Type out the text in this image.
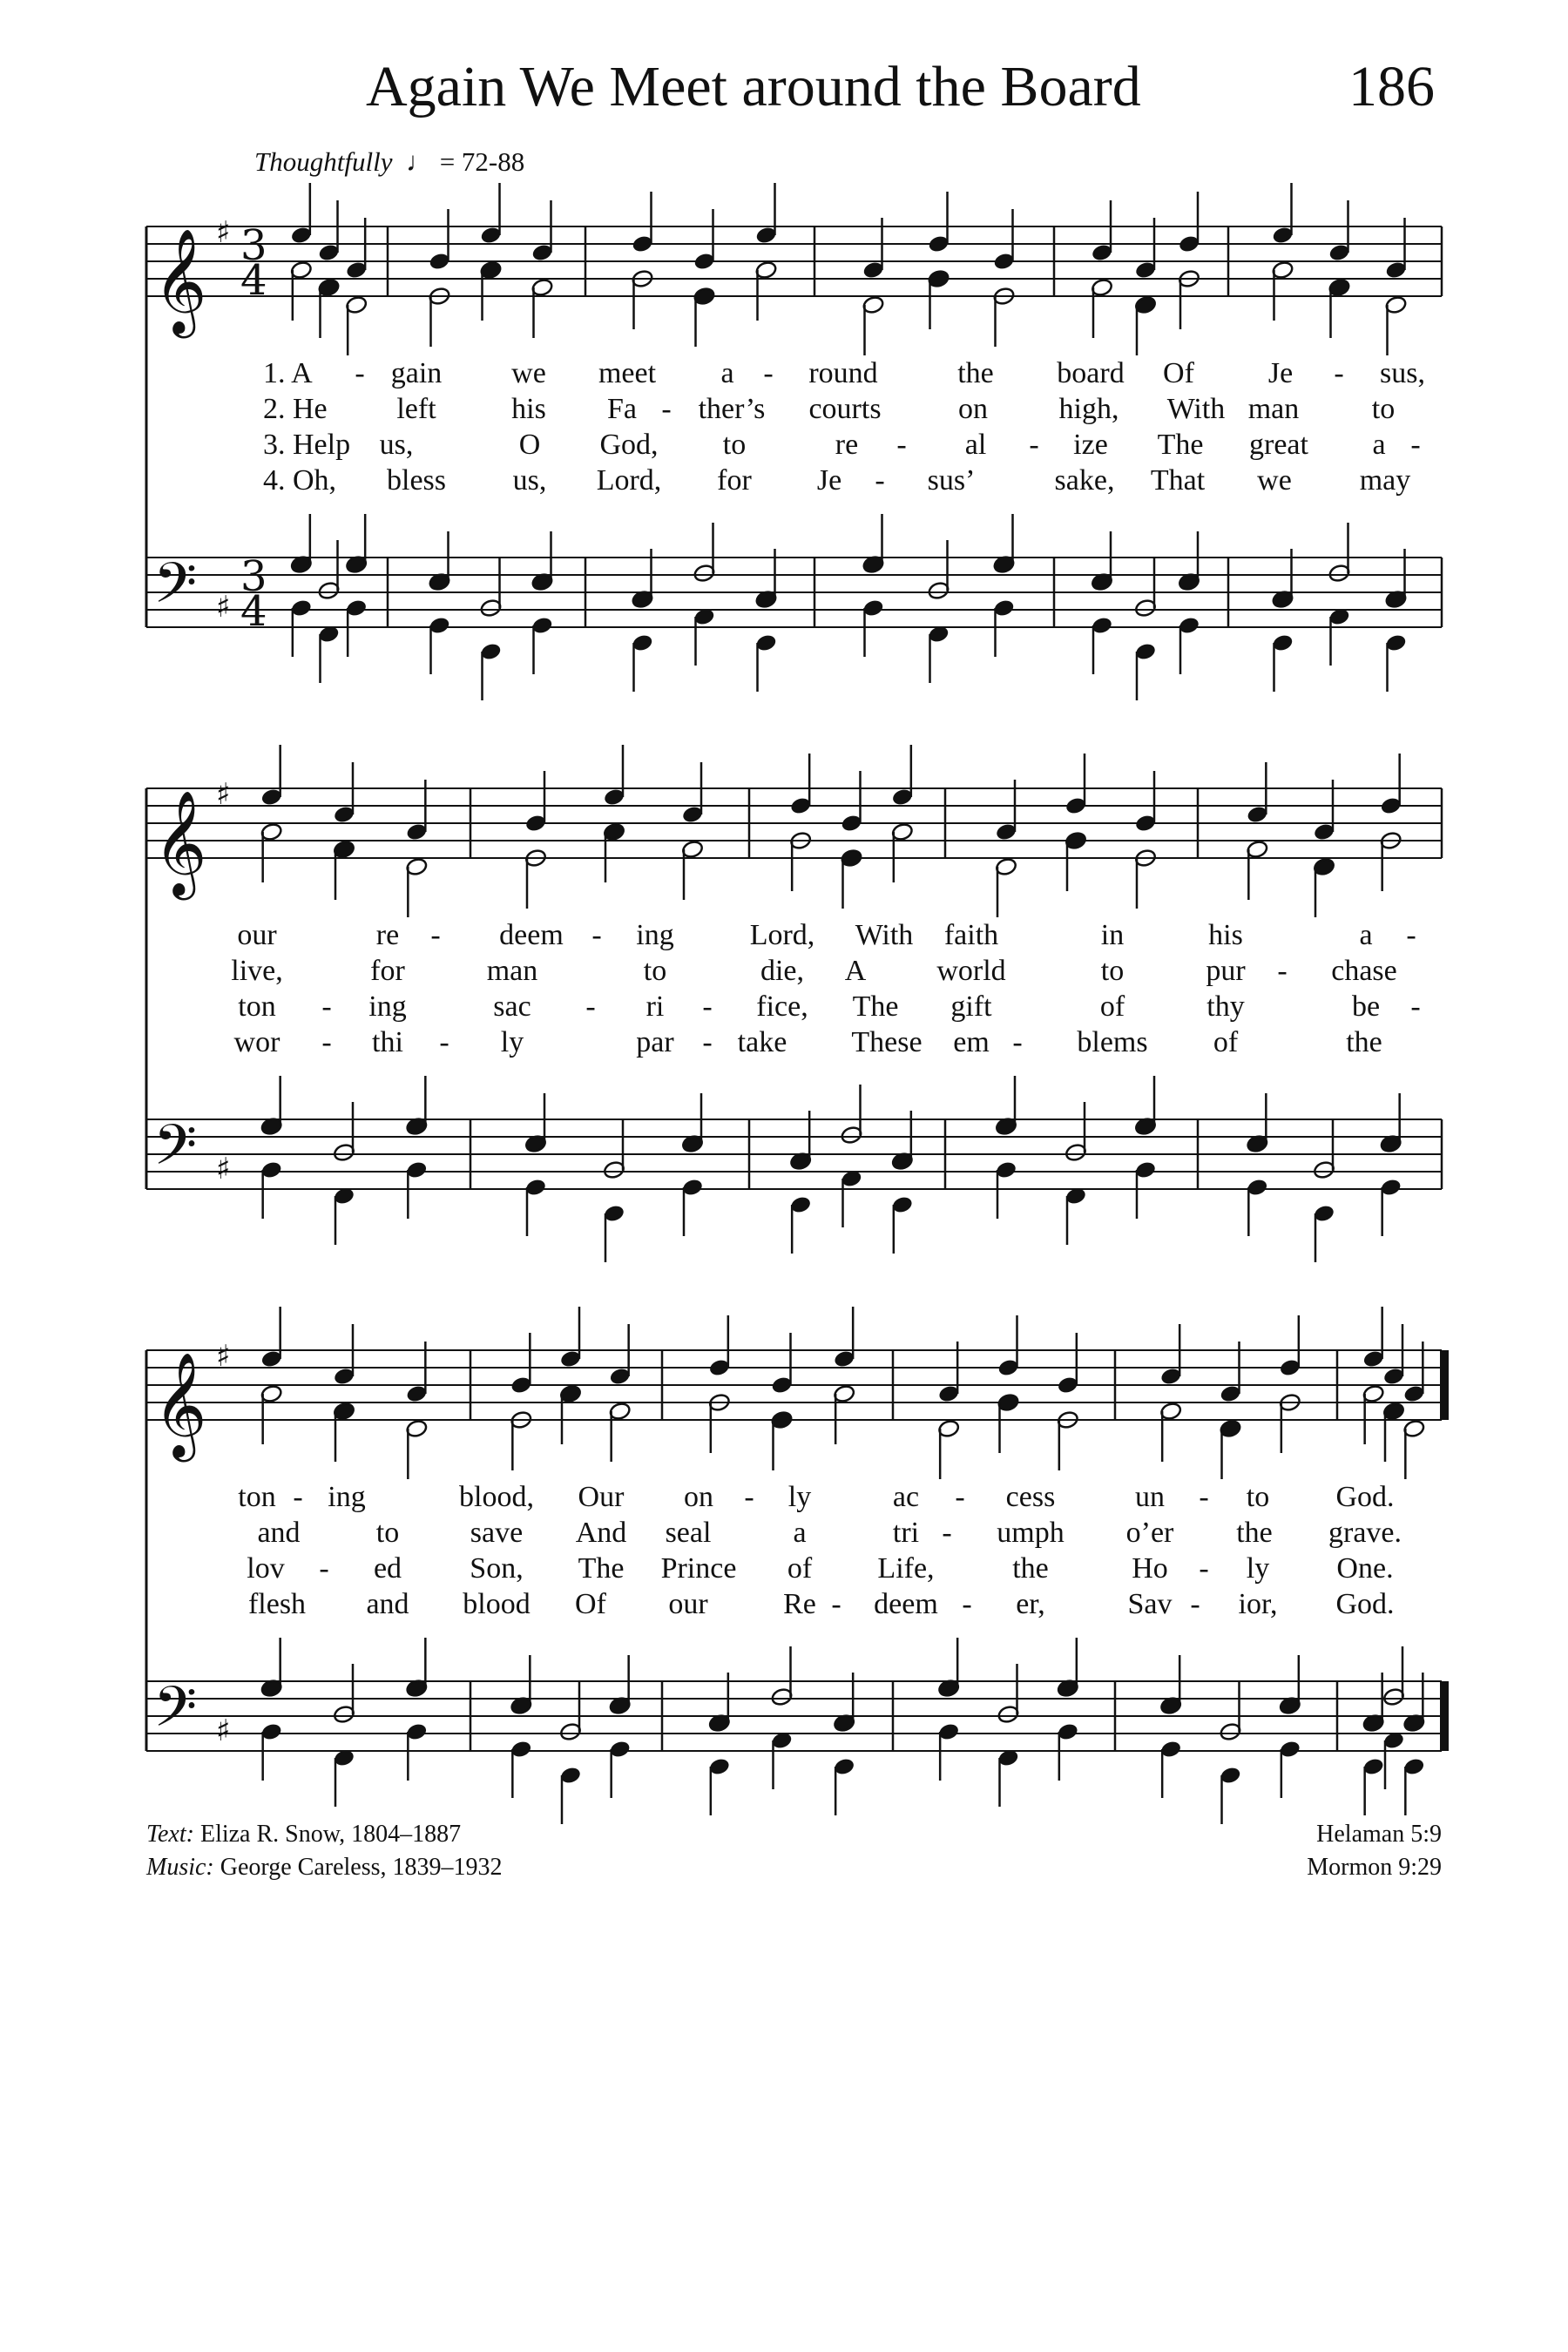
Again We Meet around the Board	186
Thoughtfully  ♩ = 72-88
𝄞 ♯ 3
4
𝄢 ♯
3
4
𝄞 ♯
𝄢 ♯
𝄞 ♯
𝄢 ♯
1. A - gain we meet a - round	the board Of Je - sus,
2. He left	his Fa - ther’s courts	on high, With man to
3. Help us,	O God, to	re - al - ize The great a -
4. Oh, bless us, Lord, for Je - sus’	sake, That we may
our	re - deem - ing	Lord, With faith	in	his	a -
live,	for	man	to	die, A world	to	pur - chase
ton - ing	sac - ri - fice, The gift	of	thy	be -
wor - thi - ly	par - take These em - blems of	the
ton - ing	blood, Our on - ly	ac - cess	un - to God.
and	to save And seal	a	tri - umph o’er the grave.
lov - ed Son, The Prince of Life,	the	Ho - ly One.
flesh and blood Of our	Re - deem - er,	Sav - ior, God.
Text: Eliza R. Snow, 1804–1887
Music: George Careless, 1839–1932
Helaman 5:9
Mormon 9:29
